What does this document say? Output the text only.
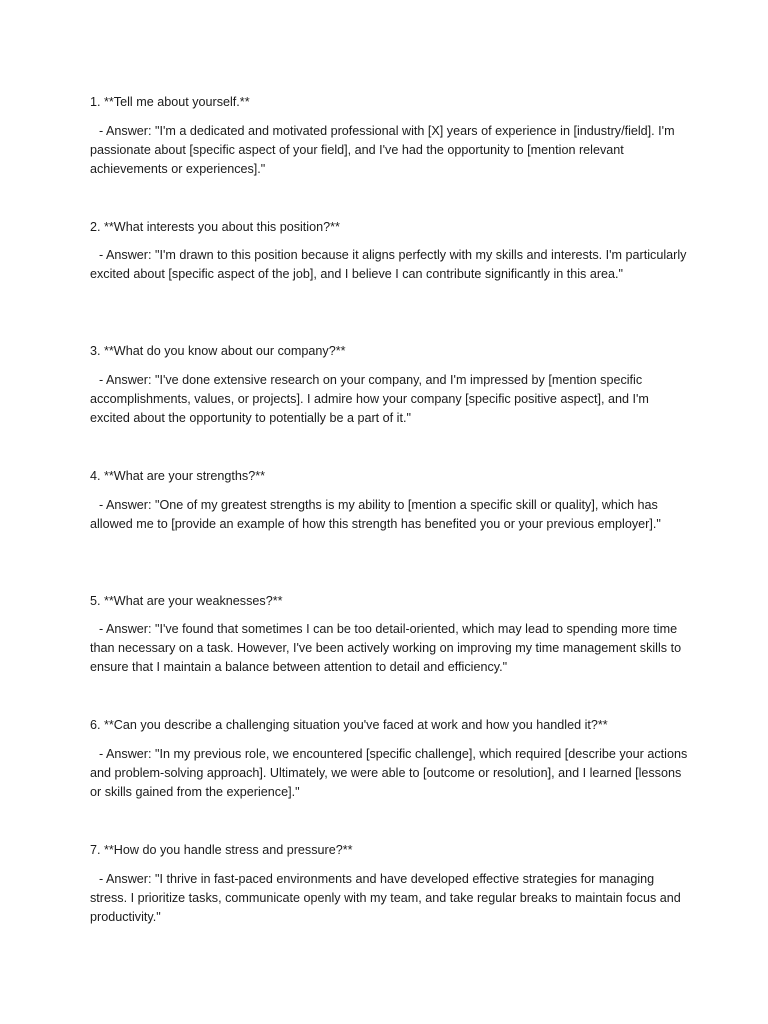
1. **Tell me about yourself.**

- Answer: "I'm a dedicated and motivated professional with [X] years of experience in [industry/field]. I'm passionate about [specific aspect of your field], and I've had the opportunity to [mention relevant achievements or experiences]."

2. **What interests you about this position?**

- Answer: "I'm drawn to this position because it aligns perfectly with my skills and interests. I'm particularly excited about [specific aspect of the job], and I believe I can contribute significantly in this area."

3. **What do you know about our company?**

- Answer: "I've done extensive research on your company, and I'm impressed by [mention specific accomplishments, values, or projects]. I admire how your company [specific positive aspect], and I'm excited about the opportunity to potentially be a part of it."

4. **What are your strengths?**

- Answer: "One of my greatest strengths is my ability to [mention a specific skill or quality], which has allowed me to [provide an example of how this strength has benefited you or your previous employer]."

5. **What are your weaknesses?**

- Answer: "I've found that sometimes I can be too detail-oriented, which may lead to spending more time than necessary on a task. However, I've been actively working on improving my time management skills to ensure that I maintain a balance between attention to detail and efficiency."

6. **Can you describe a challenging situation you've faced at work and how you handled it?**

- Answer: "In my previous role, we encountered [specific challenge], which required [describe your actions and problem-solving approach]. Ultimately, we were able to [outcome or resolution], and I learned [lessons or skills gained from the experience]."

7. **How do you handle stress and pressure?**

- Answer: "I thrive in fast-paced environments and have developed effective strategies for managing stress. I prioritize tasks, communicate openly with my team, and take regular breaks to maintain focus and productivity."
